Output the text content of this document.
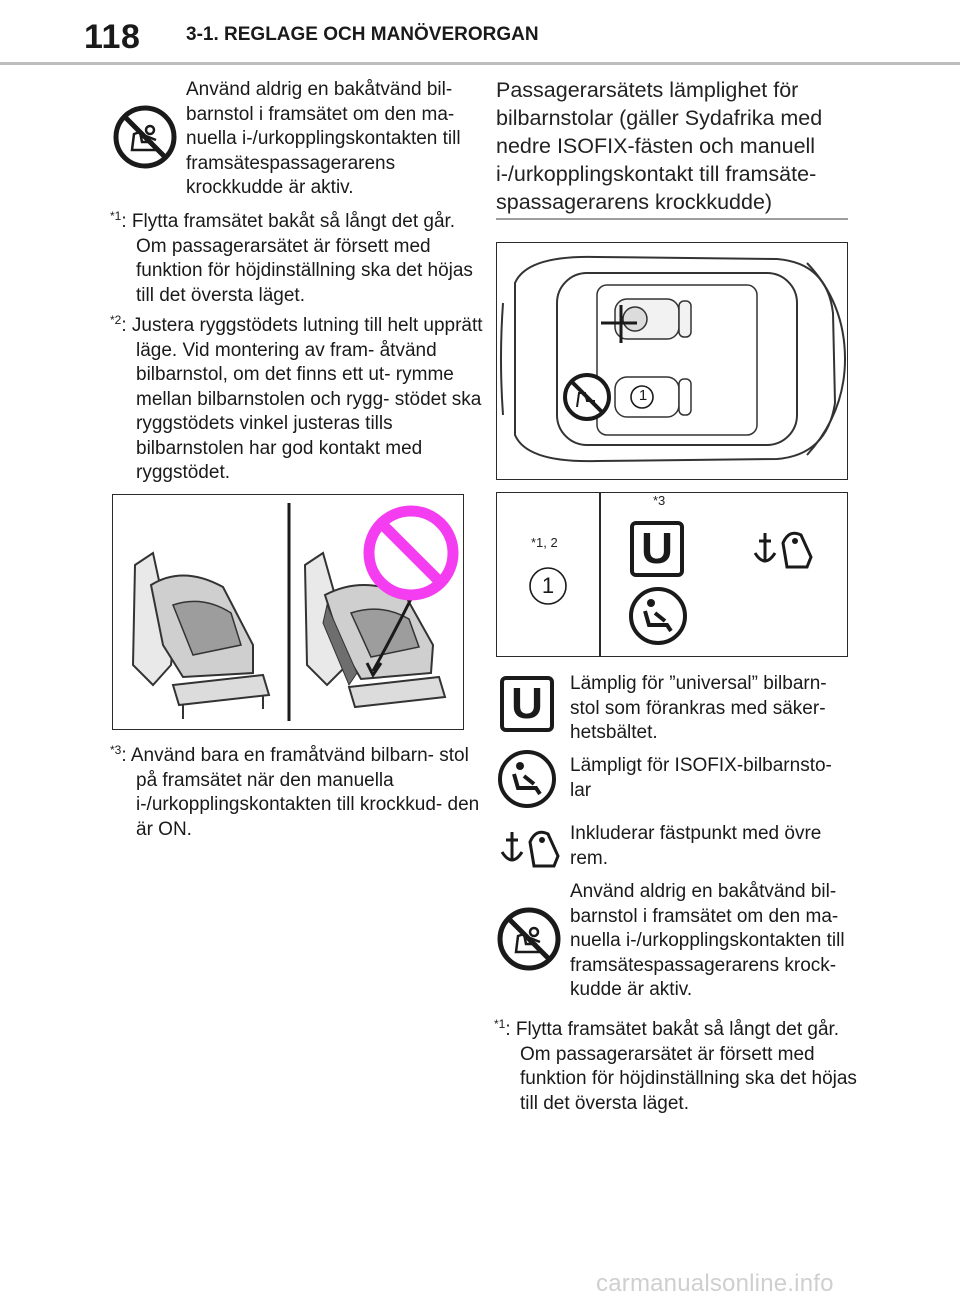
118 3-1. REGLAGE OCH MANÖVERORGAN
Använd aldrig en bakåtvänd bil- barnstol i framsätet om den ma- nuella i-/urkopplingskontakten till framsätespassagerarens krockkudde är aktiv.
$^{*1}$: Flytta framsätet bakåt så långt det går. Om passagerarsätet är försett med funktion för höjdinställning ska det höjas till det översta läget.
$^{*2}$: Justera ryggstödets lutning till helt upprätt läge. Vid montering av fram- åtvänd bilbarnstol, om det finns ett ut- rymme mellan bilbarnstolen och rygg- stödet ska ryggstödets vinkel justeras tills bilbarnstolen har god kontakt med ryggstödet.
$^{*3}$: Använd bara en framåtvänd bilbarn- stol på framsätet när den manuella i-/urkopplingskontakten till krockkud- den är ON.
Passagerarsätets lämplighet för bilbarnstolar (gäller Sydafrika med nedre ISOFIX-fästen och manuell i-/urkopplingskontakt till framsäte- spassagerarens krockkudde)
1
*1, 2
1
*3
U
U	Lämplig för ”universal” bilbarn- stol som förankras med säker- hetsbältet.
Lämpligt för ISOFIX-bilbarnsto- lar
Inkluderar fästpunkt med övre rem.
Använd aldrig en bakåtvänd bil- barnstol i framsätet om den ma- nuella i-/urkopplingskontakten till framsätespassagerarens krock- kudde är aktiv.
$^{*1}$: Flytta framsätet bakåt så långt det går. Om passagerarsätet är försett med funktion för höjdinställning ska det höjas till det översta läget.
carmanualsonline.info
